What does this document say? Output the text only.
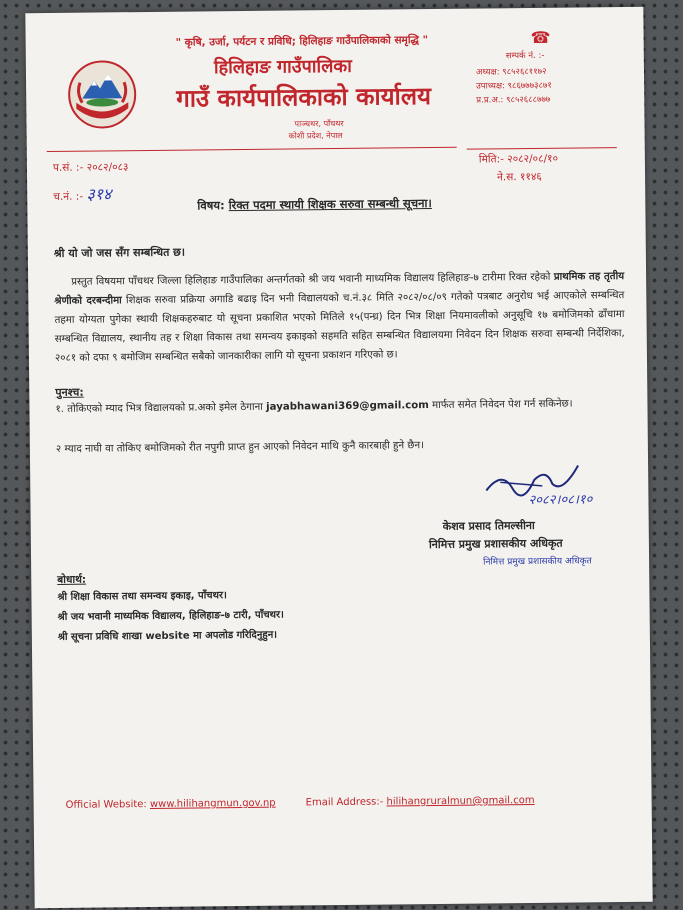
" कृषि, उर्जा, पर्यटन र प्रविधि; हिलिहाङ गाउँपालिकाको समृद्धि "
हिलिहाङ गाउँपालिका
गाउँ कार्यपालिकाको कार्यालय
पाञ्चथर, पाँचथर
कोशी प्रदेश, नेपाल
☎
सम्पर्क नं. :-
अध्यक्ष: ९८५२६८११७२
उपाध्यक्ष: ९८६७७७३८७१
प्र.प्र.अ.: ९८५२६८८७७७
प.सं. :- २०८२/०८३
च.नं. :- ३१४
मिति:- २०८२/०८/१०
ने.स. ११४६
विषय: रिक्त पदमा स्थायी शिक्षक सरुवा सम्बन्धी सूचना।
श्री यो जो जस सँग सम्बन्धित छ।
प्रस्तुत विषयमा पाँचथर जिल्ला हिलिहाङ गाउँपालिका अन्तर्गतको श्री जय भवानी माध्यमिक विद्यालय हिलिहाङ-७ टारीमा रिक्त रहेको प्राथमिक तह तृतीय श्रेणीको दरबन्दीमा शिक्षक सरुवा प्रक्रिया अगाडि बढाइ दिन भनी विद्यालयको च.नं.३८ मिति २०८२/०८/०९ गतेको पत्रबाट अनुरोध भई आएकोले सम्बन्धित तहमा योग्यता पुगेका स्थायी शिक्षकहरुबाट यो सूचना प्रकाशित भएको मितिले १५(पन्ध्र) दिन भित्र शिक्षा नियमावलीको अनुसूचि १७ बमोजिमको ढाँचामा सम्बन्धित विद्यालय, स्थानीय तह र शिक्षा विकास तथा समन्वय इकाइको सहमति सहित सम्बन्धित विद्यालयमा निवेदन दिन शिक्षक सरुवा सम्बन्धी निर्देशिका, २०८१ को दफा ९ बमोजिम सम्बन्धित सबैको जानकारीका लागि यो सूचना प्रकाशन गरिएको छ।
पुनश्च:
१. तोकिएको म्याद भित्र विद्यालयको प्र.अको इमेल ठेगाना jayabhawani369@gmail.com मार्फत समेत निवेदन पेश गर्न सकिनेछ।
२ म्याद नाघी वा तोकिए बमोजिमको रीत नपुगी प्राप्त हुन आएको निवेदन माथि कुनै कारबाही हुने छैन।
२०८२।०८।१०
केशव प्रसाद तिमल्सीना
निमित्त प्रमुख प्रशासकीय अधिकृत
निमित्त प्रमुख प्रशासकीय अधिकृत
बोधार्थ:
श्री शिक्षा विकास तथा समन्वय इकाइ, पाँचथर।
श्री जय भवानी माध्यमिक विद्यालय, हिलिहाङ-७ टारी, पाँचथर।
श्री सूचना प्रविधि शाखा website मा अपलोड गरिदिनुहुन।
Official Website: www.hilihangmun.gov.np	Email Address:- hilihangruralmun@gmail.com
